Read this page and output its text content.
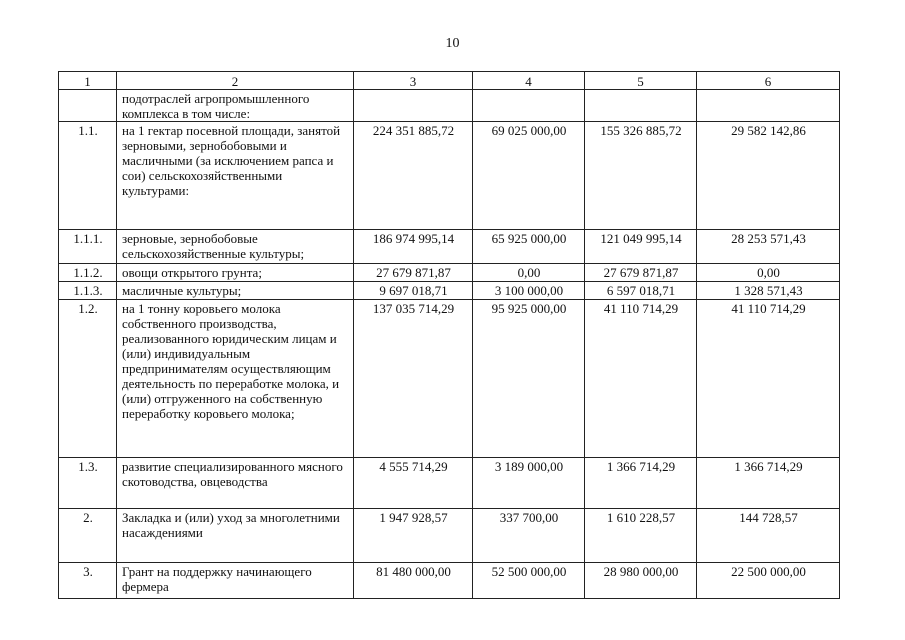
10
1	2	3	4	5	6
	подотраслей агропромышленного комплекса в том числе:				
1.1.	на 1 гектар посевной площади, занятой зерновыми, зернобобовыми и масличными (за исключением рапса и сои) сельскохозяйственными культурами:	224 351 885,72	69 025 000,00	155 326 885,72	29 582 142,86
1.1.1.	зерновые, зернобобовые сельскохозяйственные культуры;	186 974 995,14	65 925 000,00	121 049 995,14	28 253 571,43
1.1.2.	овощи открытого грунта;	27 679 871,87	0,00	27 679 871,87	0,00
1.1.3.	масличные культуры;	9 697 018,71	3 100 000,00	6 597 018,71	1 328 571,43
1.2.	на 1 тонну коровьего молока собственного производства, реализованного юридическим лицам и (или) индивидуальным предпринимателям осуществляющим деятельность по переработке молока, и (или) отгруженного на собственную переработку коровьего молока;	137 035 714,29	95 925 000,00	41 110 714,29	41 110 714,29
1.3.	развитие специализированного мясного скотоводства, овцеводства	4 555 714,29	3 189 000,00	1 366 714,29	1 366 714,29
2.	Закладка и (или) уход за многолетними насаждениями	1 947 928,57	337 700,00	1 610 228,57	144 728,57
3.	Грант на поддержку начинающего фермера	81 480 000,00	52 500 000,00	28 980 000,00	22 500 000,00
